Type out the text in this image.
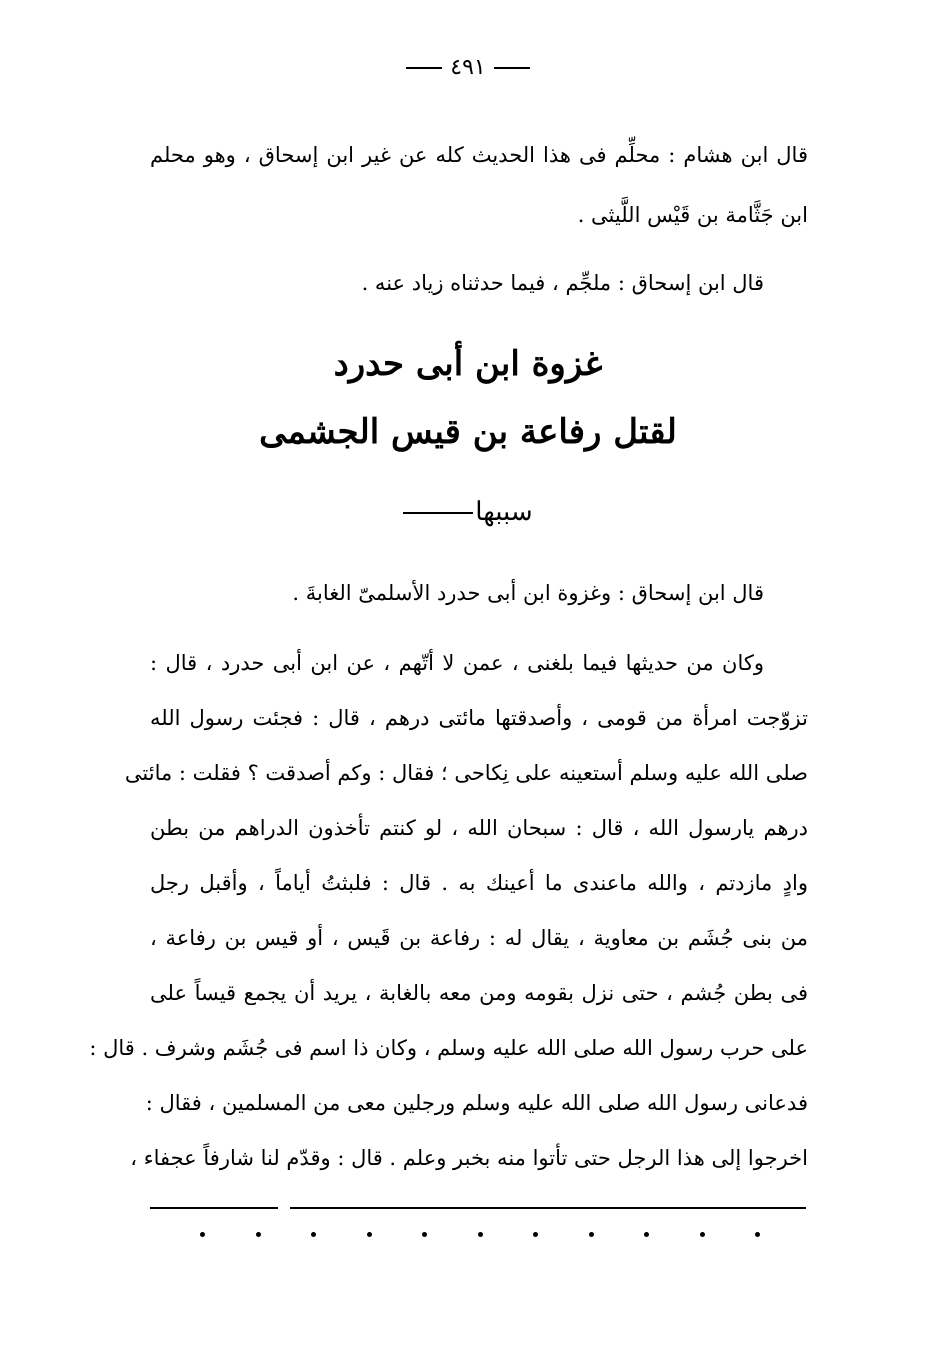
٤٩١
قال ابن هشام : محلِّم فى هذا الحديث كله عن غير ابن إسحاق ، وهو محلم
ابن جَثَّامة بن قَيْس اللَّيثى .
قال ابن إسحاق : ملجِّم ، فيما حدثناه زياد عنه .
غزوة ابن أبى حدرد
لقتل رفاعة بن قيس الجشمى
سببها
قال ابن إسحاق : وغزوة ابن أبى حدرد الأسلمىّ الغابةَ .
وكان من حديثها فيما بلغنى ، عمن لا أتّهم ، عن ابن أبى حدرد ، قال :
تزوّجت امرأة من قومى ، وأصدقتها مائتى درهم ، قال : فجئت رسول الله
صلى الله عليه وسلم أستعينه على نِكاحى ؛ فقال : وكم أصدقت ؟ فقلت : مائتى
درهم يارسول الله ، قال : سبحان الله ، لو كنتم تأخذون الدراهم من بطن
وادٍ مازدتم ، والله ماعندى ما أعينك به . قال : فلبثتُ أياماً ، وأقبل رجل
من بنى جُشَم بن معاوية ، يقال له : رفاعة بن قَيس ، أو قيس بن رفاعة ،
فى بطن جُشم ، حتى نزل بقومه ومن معه بالغابة ، يريد أن يجمع قيساً على
على حرب رسول الله صلى الله عليه وسلم ، وكان ذا اسم فى جُشَم وشرف . قال :
فدعانى رسول الله صلى الله عليه وسلم ورجلين معى من المسلمين ، فقال :
اخرجوا إلى هذا الرجل حتى تأتوا منه بخبر وعلم . قال : وقدّم لنا شارفاً عجفاء ،
